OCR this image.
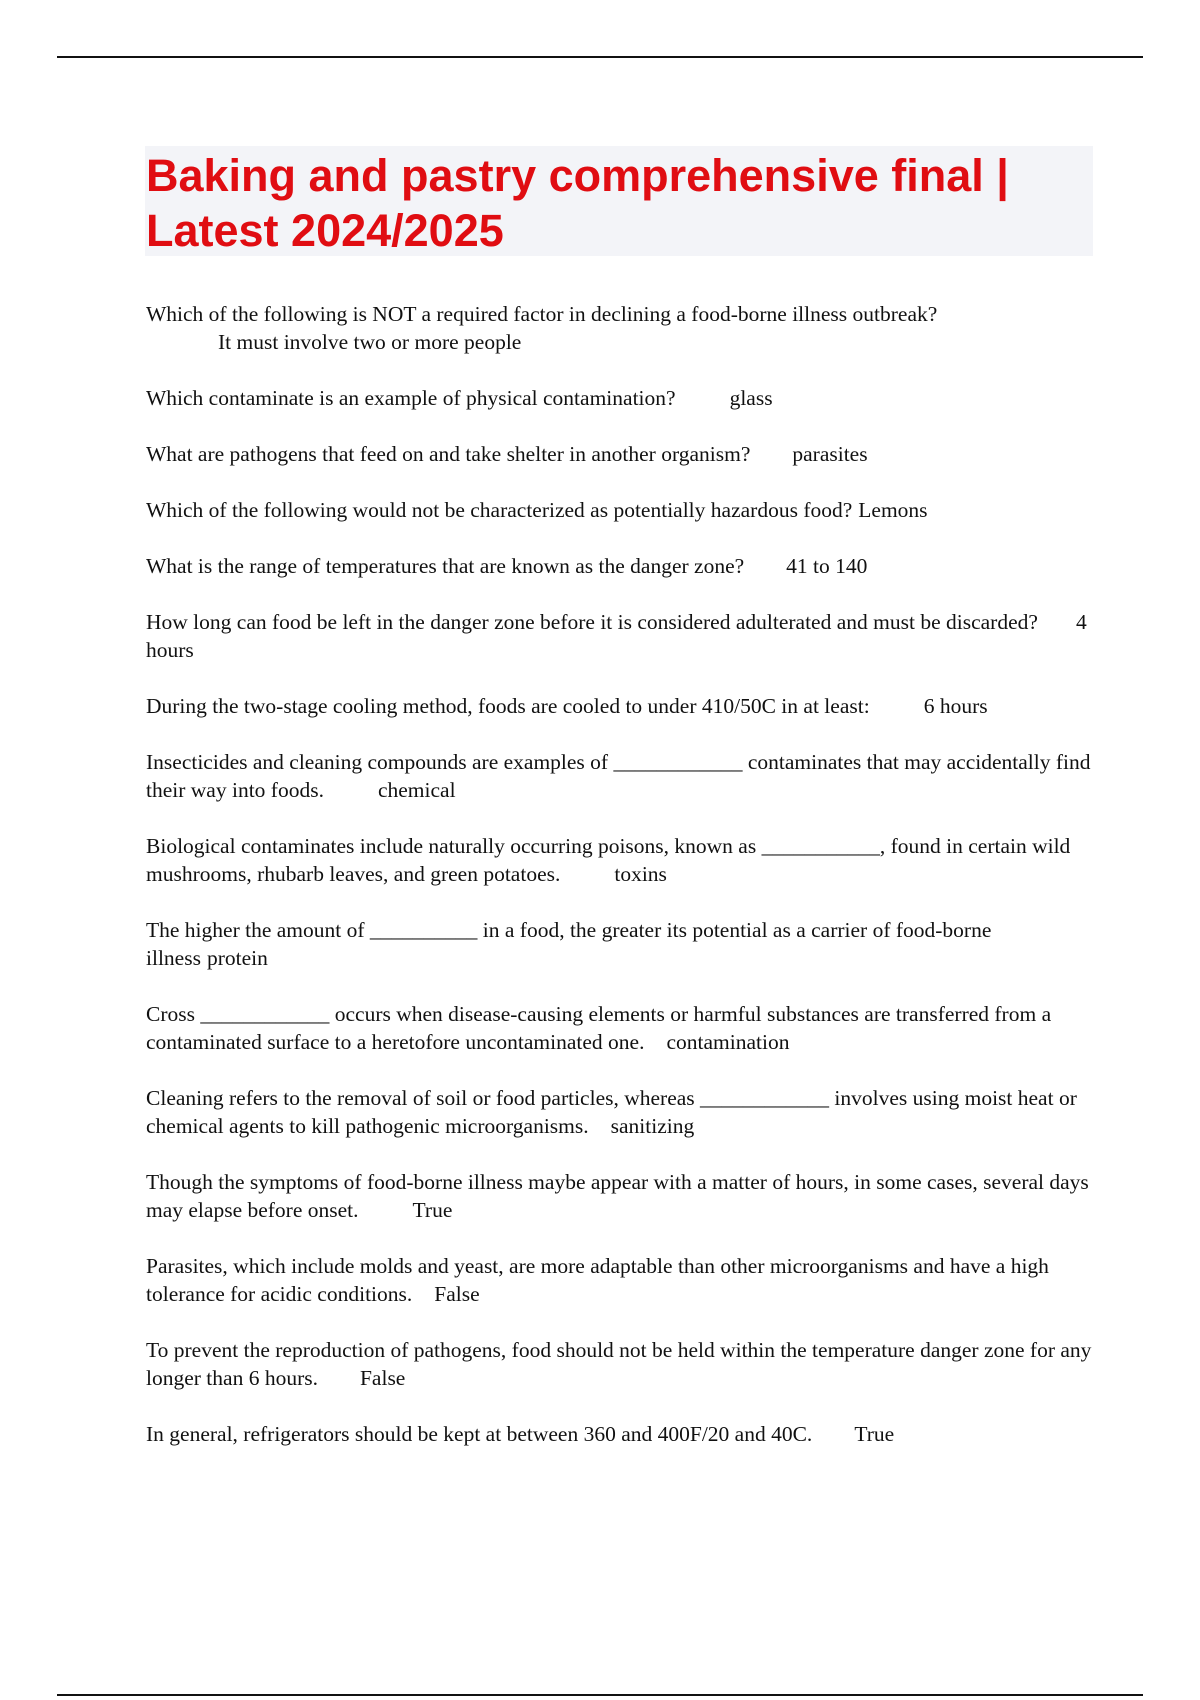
Baking and pastry comprehensive final | Latest 2024/2025

Which of the following is NOT a required factor in declining a food-borne illness outbreak?
It must involve two or more people

Which contaminate is an example of physical contamination?	glass

What are pathogens that feed on and take shelter in another organism? parasites

Which of the following would not be characterized as potentially hazardous food? Lemons

What is the range of temperatures that are known as the danger zone? 41 to 140

How long can food be left in the danger zone before it is considered adulterated and must be discarded? 4 hours

During the two-stage cooling method, foods are cooled to under 410/50C in at least:	6 hours

Insecticides and cleaning compounds are examples of ____________ contaminates that may accidentally find their way into foods.	chemical

Biological contaminates include naturally occurring poisons, known as ___________, found in certain wild mushrooms, rhubarb leaves, and green potatoes.	toxins

The higher the amount of __________ in a food, the greater its potential as a carrier of food-borne illness protein

Cross ____________ occurs when disease-causing elements or harmful substances are transferred from a contaminated surface to a heretofore uncontaminated one. contamination

Cleaning refers to the removal of soil or food particles, whereas ____________ involves using moist heat or chemical agents to kill pathogenic microorganisms. sanitizing

Though the symptoms of food-borne illness maybe appear with a matter of hours, in some cases, several days may elapse before onset.	True

Parasites, which include molds and yeast, are more adaptable than other microorganisms and have a high tolerance for acidic conditions. False

To prevent the reproduction of pathogens, food should not be held within the temperature danger zone for any longer than 6 hours. False

In general, refrigerators should be kept at between 360 and 400F/20 and 40C. True
